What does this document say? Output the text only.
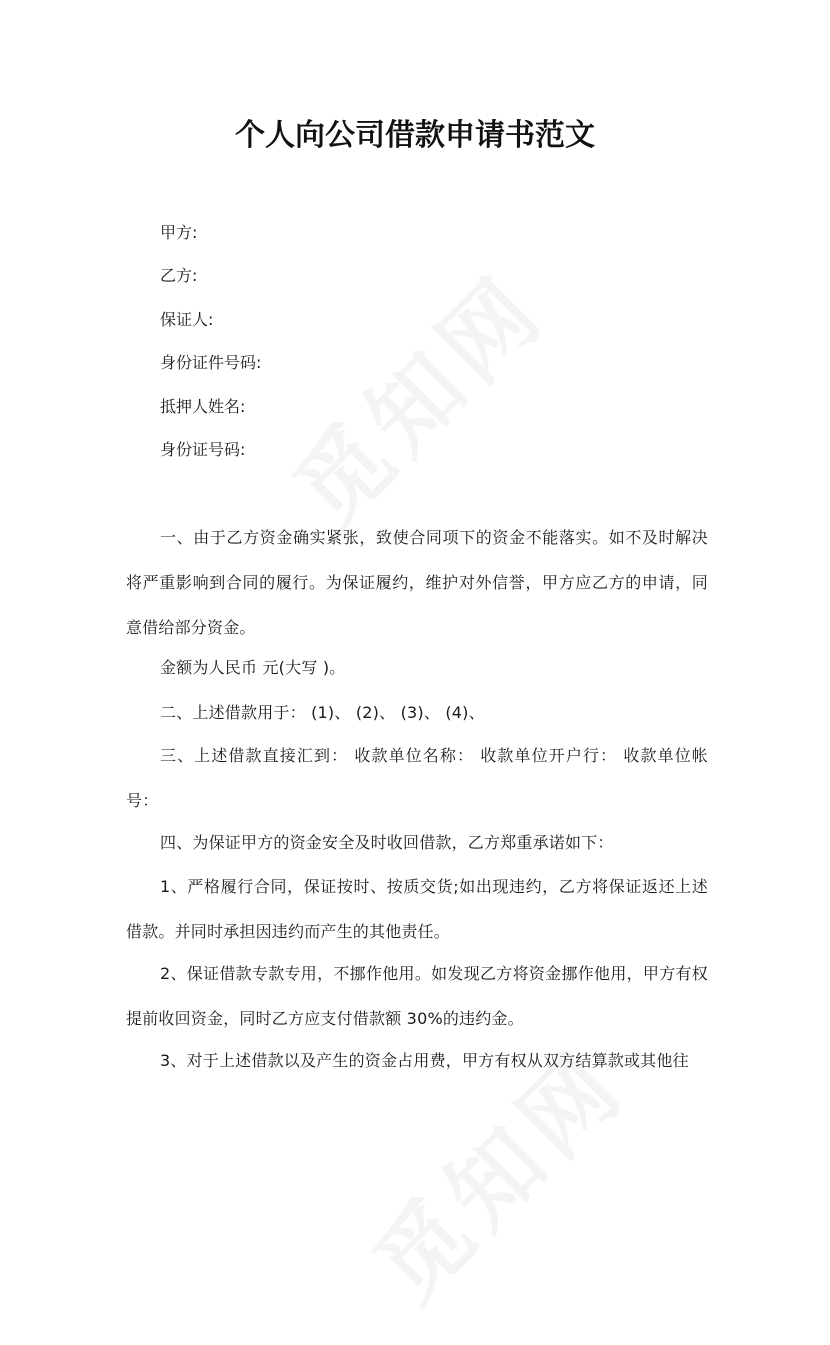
个人向公司借款申请书范文
甲方:
乙方:
保证人:
身份证件号码:
抵押人姓名:
身份证号码:
一、由于乙方资金确实紧张，致使合同项下的资金不能落实。如不及时解决将严重影响到合同的履行。为保证履约，维护对外信誉，甲方应乙方的申请，同意借给部分资金。
金额为人民币 元(大写 )。
二、上述借款用于： (1)、 (2)、 (3)、 (4)、
三、上述借款直接汇到： 收款单位名称： 收款单位开户行： 收款单位帐号：
四、为保证甲方的资金安全及时收回借款，乙方郑重承诺如下：
1、严格履行合同，保证按时、按质交货;如出现违约，乙方将保证返还上述借款。并同时承担因违约而产生的其他责任。
2、保证借款专款专用，不挪作他用。如发现乙方将资金挪作他用，甲方有权提前收回资金，同时乙方应支付借款额 30%的违约金。
3、对于上述借款以及产生的资金占用费，甲方有权从双方结算款或其他往
